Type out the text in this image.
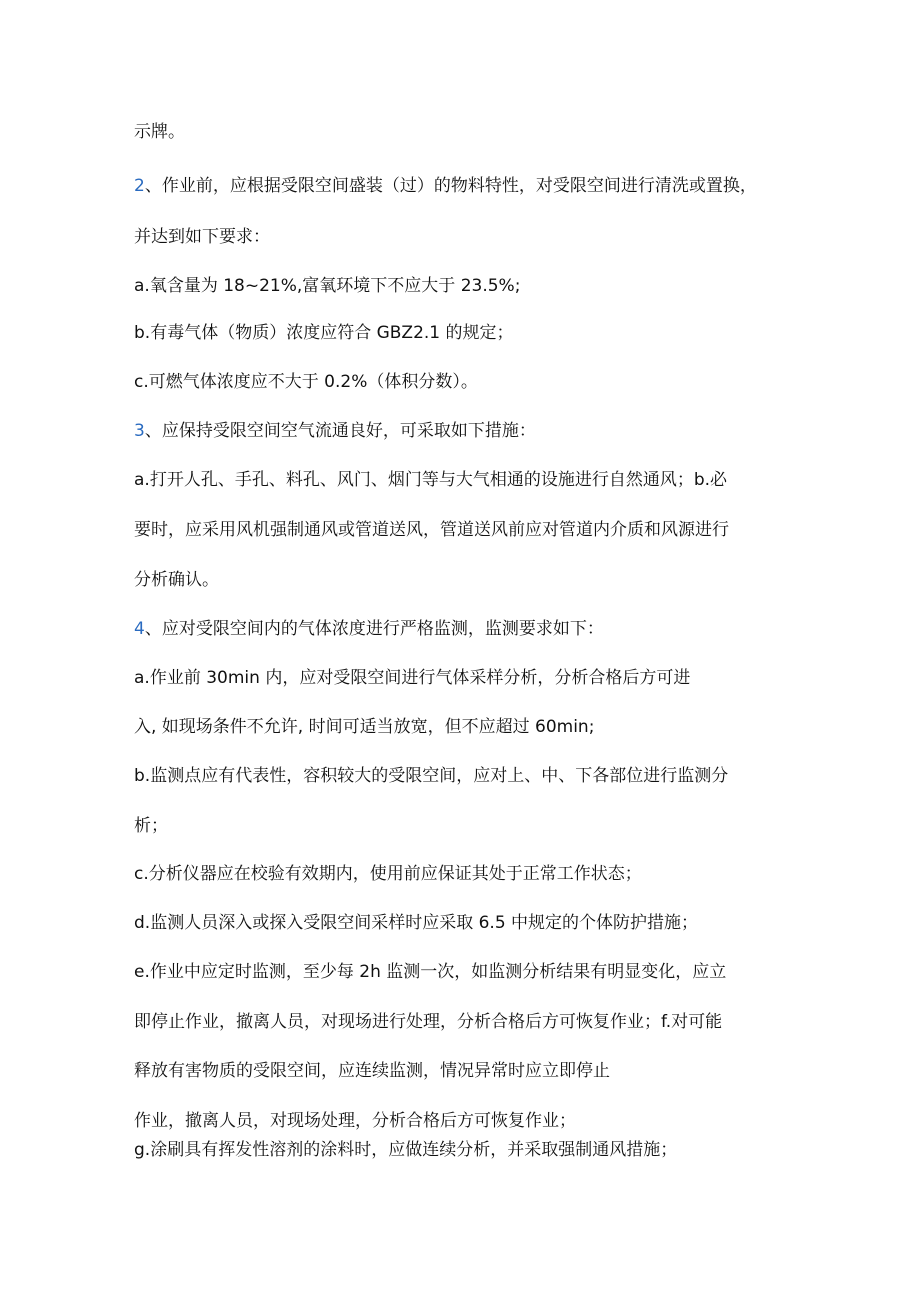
示牌。
2、作业前，应根据受限空间盛装（过）的物料特性，对受限空间进行清洗或置换，
并达到如下要求：
a.氧含量为 18~21%,富氧环境下不应大于 23.5%;
b.有毒气体（物质）浓度应符合 GBZ2.1 的规定；
c.可燃气体浓度应不大于 0.2%（体积分数）。
3、应保持受限空间空气流通良好，可采取如下措施：
a.打开人孔、手孔、料孔、风门、烟门等与大气相通的设施进行自然通风；b.必
要时，应采用风机强制通风或管道送风，管道送风前应对管道内介质和风源进行
分析确认。
4、应对受限空间内的气体浓度进行严格监测，监测要求如下：
a.作业前 30min 内，应对受限空间进行气体采样分析，分析合格后方可进
入, 如现场条件不允许, 时间可适当放宽，但不应超过 60min;
b.监测点应有代表性，容积较大的受限空间，应对上、中、下各部位进行监测分
析；
c.分析仪器应在校验有效期内，使用前应保证其处于正常工作状态；
d.监测人员深入或探入受限空间采样时应采取 6.5 中规定的个体防护措施；
e.作业中应定时监测，至少每 2h 监测一次，如监测分析结果有明显变化，应立
即停止作业，撤离人员，对现场进行处理，分析合格后方可恢复作业；f.对可能
释放有害物质的受限空间，应连续监测，情况异常时应立即停止
作业，撤离人员，对现场处理，分析合格后方可恢复作业；
g.涂刷具有挥发性溶剂的涂料时，应做连续分析，并采取强制通风措施；
